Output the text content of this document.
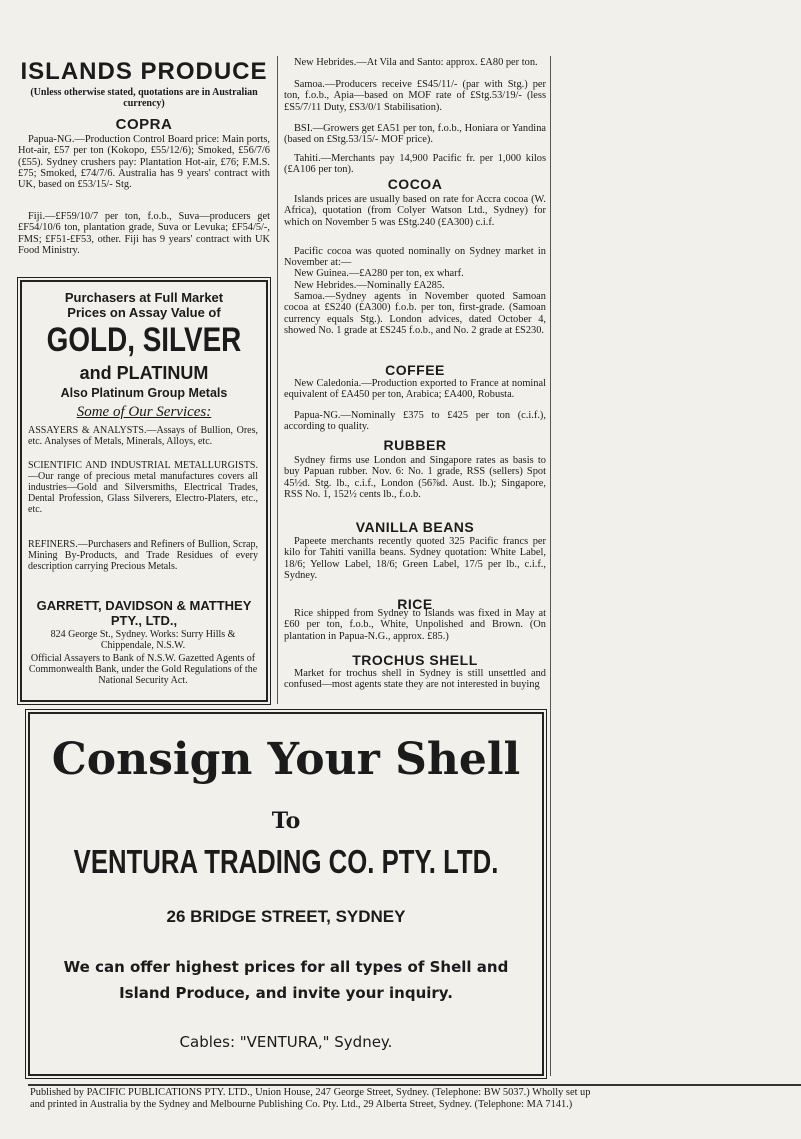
ISLANDS PRODUCE

(Unless otherwise stated, quotations are in Australian currency)

COPRA

Papua-NG.—Production Control Board price: Main ports, Hot-air, £57 per ton (Kokopo, £55/12/6); Smoked, £56/7/6 (£55). Sydney crushers pay: Plantation Hot-air, £76; F.M.S. £75; Smoked, £74/7/6. Australia has 9 years' contract with UK, based on £53/15/- Stg.

Fiji.—£F59/10/7 per ton, f.o.b., Suva—producers get £F54/10/6 ton, plantation grade, Suva or Levuka; £F54/5/-, FMS; £F51-£F53, other. Fiji has 9 years' contract with UK Food Ministry.

Purchasers at Full Market
Prices on Assay Value of
GOLD, SILVER
and PLATINUM
Also Platinum Group Metals
Some of Our Services:

ASSAYERS & ANALYSTS.—Assays of Bullion, Ores, etc. Analyses of Metals, Minerals, Alloys, etc.

SCIENTIFIC AND INDUSTRIAL METALLURGISTS.—Our range of precious metal manufactures covers all industries—Gold and Silversmiths, Electrical Trades, Dental Profession, Glass Silverers, Electro-Platers, etc., etc.

REFINERS.—Purchasers and Refiners of Bullion, Scrap, Mining By-Products, and Trade Residues of every description carrying Precious Metals.

GARRETT, DAVIDSON & MATTHEY PTY., LTD.,

824 George St., Sydney. Works: Surry Hills & Chippendale, N.S.W.

Official Assayers to Bank of N.S.W. Gazetted Agents of Commonwealth Bank, under the Gold Regulations of the National Security Act.

New Hebrides.—At Vila and Santo: approx. £A80 per ton.

Samoa.—Producers receive £S45/11/- (par with Stg.) per ton, f.o.b., Apia—based on MOF rate of £Stg.53/19/- (less £S5/7/11 Duty, £S3/0/1 Stabilisation).

BSI.—Growers get £A51 per ton, f.o.b., Honiara or Yandina (based on £Stg.53/15/- MOF price).

Tahiti.—Merchants pay 14,900 Pacific fr. per 1,000 kilos (£A106 per ton).

COCOA

Islands prices are usually based on rate for Accra cocoa (W. Africa), quotation (from Colyer Watson Ltd., Sydney) for which on November 5 was £Stg.240 (£A300) c.i.f.

Pacific cocoa was quoted nominally on Sydney market in November at:—

New Guinea.—£A280 per ton, ex wharf.

New Hebrides.—Nominally £A285.

Samoa.—Sydney agents in November quoted Samoan cocoa at £S240 (£A300) f.o.b. per ton, first-grade. (Samoan currency equals Stg.). London advices, dated October 4, showed No. 1 grade at £S245 f.o.b., and No. 2 grade at £S230.

COFFEE

New Caledonia.—Production exported to France at nominal equivalent of £A450 per ton, Arabica; £A400, Robusta.

Papua-NG.—Nominally £375 to £425 per ton (c.i.f.), according to quality.

RUBBER

Sydney firms use London and Singapore rates as basis to buy Papuan rubber. Nov. 6: No. 1 grade, RSS (sellers) Spot 45½d. Stg. lb., c.i.f., London (56⅞d. Aust. lb.); Singapore, RSS No. 1, 152½ cents lb., f.o.b.

VANILLA BEANS

Papeete merchants recently quoted 325 Pacific francs per kilo for Tahiti vanilla beans. Sydney quotation: White Label, 18/6; Yellow Label, 18/6; Green Label, 17/5 per lb., c.i.f., Sydney.

RICE

Rice shipped from Sydney to Islands was fixed in May at £60 per ton, f.o.b., White, Unpolished and Brown. (On plantation in Papua-N.G., approx. £85.)

TROCHUS SHELL

Market for trochus shell in Sydney is still unsettled and confused—most agents state they are not interested in buying

Consign Your Shell
To
VENTURA TRADING CO. PTY. LTD.
26 BRIDGE STREET, SYDNEY
We can offer highest prices for all types of Shell and Island Produce, and invite your inquiry.
Cables: "VENTURA," Sydney.
Published by PACIFIC PUBLICATIONS PTY. LTD., Union House, 247 George Street, Sydney. (Telephone: BW 5037.) Wholly set up
and printed in Australia by the Sydney and Melbourne Publishing Co. Pty. Ltd., 29 Alberta Street, Sydney. (Telephone: MA 7141.)
